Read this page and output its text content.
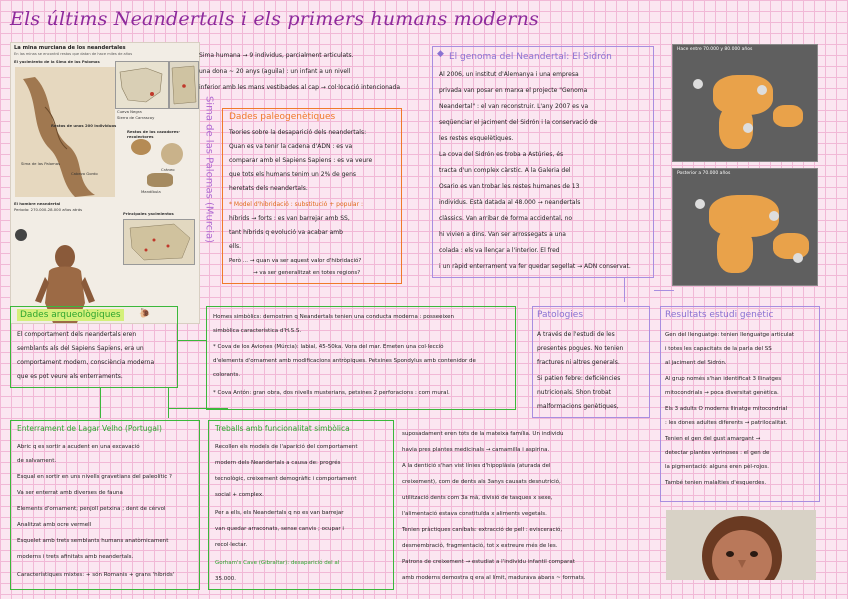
Els últims Neandertals i els primers humans moderns
La mina murciana de los neandertales
En las minas se encontró restos que datan de hace miles de años
El yacimiento de la Sima de las Palomas
Cueva Negra
Sierra de Carrascoy
Restos de unos 200 individuos
Sima de las Palomas
Cabezo Gordo
Restos de los cazadores-recolectores
Cráneo
Mandíbula
El hombre neandertal
Periodo: 270.000-28.000 años atrás
Principales yacimientos
Sima humana → 9 individus, parcialment articulats.
una dona ~ 20 anys (aguila) : un infant a un nivell
inferior amb les mans vestibades al cap → col·locació intencionada
Sima de las Palomas (Murcia) Dades paleogenètiques
Teories sobre la desaparició dels neandertals:
Quan es va tenir la cadena d'ADN : es va
comparar amb el Sapiens Sapiens : es va veure
que tots els humans tenim un 2% de gens
heretats dels neandertals.
* Model d'hibridació : substitució + popular :
híbrids → forts : es van barrejar amb SS,
tant híbrids q evolució va acabar amb
ells.
Però ... → quan va ser aquest valor d'hibridació?
→ va ser generalitzat en totes regions?
◆ El genoma del Neandertal: El Sidrón
Al 2006, un institut d'Alemanya i una empresa
privada van posar en marxa el projecte "Genoma
Neandertal" : el van reconstruir. L'any 2007 es va
seqüenciar el jaciment del Sidrón i la conservació de
les restes esquelètiques.
La cova del Sidrón es troba a Astúries, és
tracta d'un complex càrstic. A la Galeria del
Osario es van trobar les restes humanes de 13
individus. Està datada al 48.000 → neandertals
clàssics. Van arribar de forma accidental, no
hi vivien a dins. Van ser arrossegats a una
colada : els va llençar a l'interior. El fred
i un ràpid enterrament va fer quedar segellat → ADN conservat.
Hace entre 70.000 y 80.000 años
Posterior a 70.000 años
Dades arqueològiques	🐌
El comportament dels neandertals eren
semblants als del Sapiens Sapiens, era un
comportament modern, consciència moderna
que es pot veure als enterraments.
Homes simbòlics: demostren q Neandertals tenien una conducta moderna : posseeixen
simbòlica característica d'H.S.S.
* Cova de los Aviones (Múrcia): labial, 45-50ka. Vora del mar. Emeten una col·lecció
d'elements d'ornament amb modificacions antròpiques. Petxines Spondylus amb contenidor de
colorants.
* Cova Antón: gran obra, dos nivells musterians, petxines 2 perforacions : com mural.
Patologies
A través de l'estudi de les
presentes pogues. No tenien
fractures ni altres generals.
Si patien febre: deficiències
nutricionals. Shon trobat
malformacions genètiques,
Resultats estudi genètic
Gen del llenguatge: tenien llenguatge articulat
i totes les capacitats de la parla del SS
al jaciment del Sidrón.
Al grup només s'han identificat 3 llinatges
mitocondrials → poca diversitat genètica.
Els 3 adults O moderns llinatge mitocondrial
: les dones adultes diferents → patrilocalitat.
Tenien el gen del gust amargant →
detectar plantes verinoses : el gen de
la pigmentació: alguns eren pèl-rojos.
També tenien malalties d'esquerdes.
suposadament eren tots de la mateixa família. Un individu
havia pres plantes medicinals → camamilla i aspirina.
A la dentició s'han vist línies d'hipoplàsia (aturada del
creixement), com de dents als 3anys causats desnutrició,
utilització dents com 3a mà, divisió de tasques x sexe,
l'alimentació estava constituïda x aliments vegetals.
Tenien pràctiques caníbals: extracció de pell : evisceració,
desmembració, fragmentació, tot x extreure més de les.
Patrons de creixement → estudiat a l'individu infantil comparat
amb moderns demostra q era al límit, madurava abans ~ formats.
Enterrament de Lagar Velho (Portugal)
Abric q es sortir a acudent en una excavació
de salvament.
Esqual en sortir en uns nivells gravetians del paleolític ?
Va ser enterrat amb diverses de fauna
Elements d'ornament; penjoll petxina ; dent de cérvol
Analitzat amb ocre vermell
Esquelet amb trets semblants humans anatòmicament
moderns i trets afinitats amb neandertals.
Característiques mixtes: + són Romanis + grans 'híbrids'
Treballs amb funcionalitat simbòlica
Recollen els models de l'aparició del comportament
modern dels Neandertals a causa de: progrés
tecnològic, creixement demogràfic i comportament
social + complex.
Per a ells, els Neandertals q no es van barrejar
van quedar arraconats, sense canvis ; ocupar i
recol·lectar.
Gorham's Cave (Gibraltar): desaparició del al
35.000.
